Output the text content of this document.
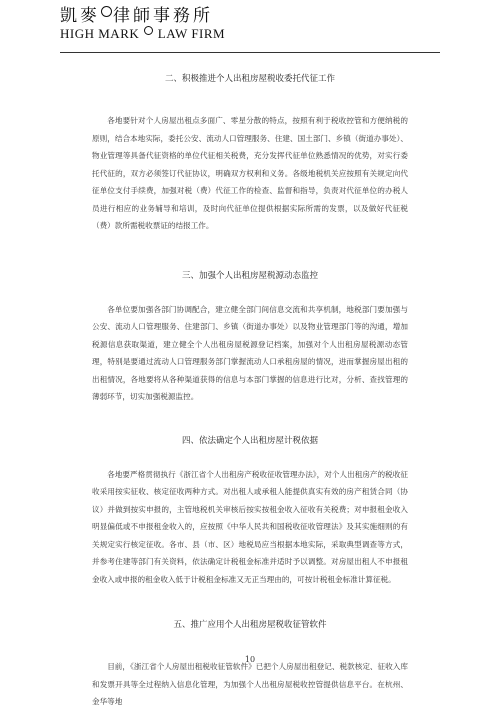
凱麥 律師事務所
HIGH MARK LAW FIRM

二、积极推进个人出租房屋税收委托代征工作

各地要针对个人房屋出租点多面广、零星分散的特点，按照有利于税收控管和方便纳税的原则，结合本地实际，委托公安、流动人口管理服务、住建、国土部门、乡镇（街道办事处）、物业管理等具备代征资格的单位代征相关税费，充分发挥代征单位熟悉情况的优势，对实行委托代征的，双方必须签订代征协议，明确双方权利和义务。各级地税机关应按照有关规定向代征单位支付手续费，加强对税（费）代征工作的检查、监督和指导，负责对代征单位的办税人员进行相应的业务辅导和培训，及时向代征单位提供根据实际所需的发票，以及做好代征税（费）款所需税收票证的结报工作。

三、加强个人出租房屋税源动态监控

各单位要加强各部门协调配合，建立健全部门间信息交流和共享机制，地税部门要加强与公安、流动人口管理服务、住建部门、乡镇（街道办事处）以及物业管理部门等的沟通，增加税源信息获取渠道，建立健全个人出租房屋税源登记档案，加强对个人出租房屋税源动态管理，特别是要通过流动人口管理服务部门掌握流动人口承租房屋的情况，进而掌握房屋出租的出租情况，各地要将从各种渠道获得的信息与本部门掌握的信息进行比对，分析、查找管理的薄弱环节，切实加强税源监控。

四、依法确定个人出租房屋计税依据

各地要严格贯彻执行《浙江省个人出租房产税收征收管理办法》，对个人出租房产的税收征收采用按实征收、核定征收两种方式。对出租人或承租人能提供真实有效的房产租赁合同（协议）并做到按实申报的，主管地税机关审核后按实按租金收入征收有关税费；对申报租金收入明显偏低或不申报租金收入的，应按照《中华人民共和国税收征收管理法》及其实施细则的有关规定实行核定征收。各市、县（市、区）地税局应当根据本地实际，采取典型调查等方式，并参考住建等部门有关资料，依法确定计税租金标准并适时予以调整。对房屋出租人不申报租金收入或申报的租金收入低于计税租金标准又无正当理由的，可按计税租金标准计算征税。

五、推广应用个人出租房屋税收征管软件

目前，《浙江省个人房屋出租税收征管软件》已把个人房屋出租登记、税款核定、征收入库和发票开具等全过程纳入信息化管理，为加强个人出租房屋税收控管提供信息平台。在杭州、金华等地

10
